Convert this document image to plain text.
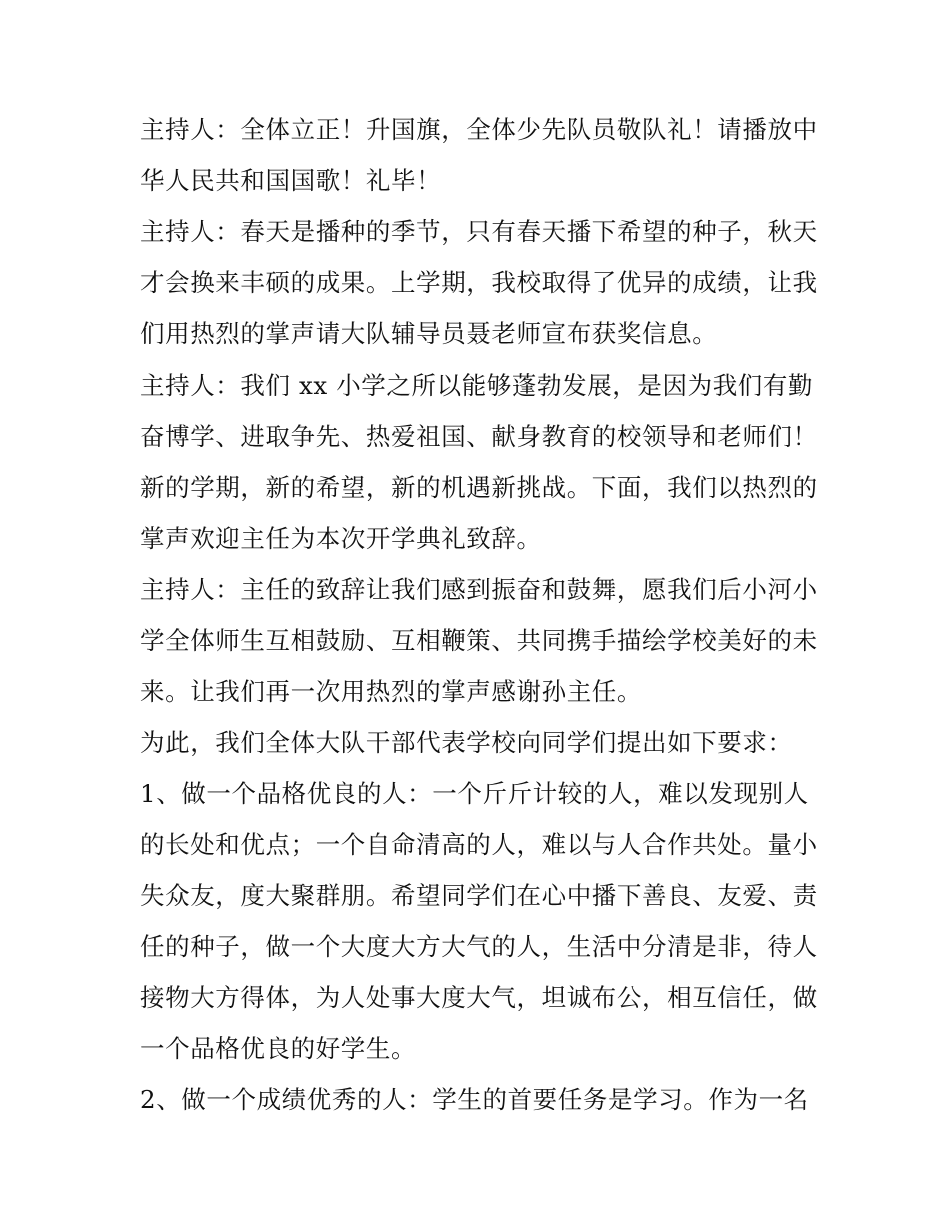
主持人：全体立正！升国旗，全体少先队员敬队礼！请播放中
华人民共和国国歌！礼毕！
主持人：春天是播种的季节，只有春天播下希望的种子，秋天
才会换来丰硕的成果。上学期，我校取得了优异的成绩，让我
们用热烈的掌声请大队辅导员聂老师宣布获奖信息。
主持人：我们 xx 小学之所以能够蓬勃发展，是因为我们有勤
奋博学、进取争先、热爱祖国、献身教育的校领导和老师们！
新的学期，新的希望，新的机遇新挑战。下面，我们以热烈的
掌声欢迎主任为本次开学典礼致辞。
主持人：主任的致辞让我们感到振奋和鼓舞，愿我们后小河小
学全体师生互相鼓励、互相鞭策、共同携手描绘学校美好的未
来。让我们再一次用热烈的掌声感谢孙主任。
为此，我们全体大队干部代表学校向同学们提出如下要求：
1、做一个品格优良的人：一个斤斤计较的人，难以发现别人
的长处和优点；一个自命清高的人，难以与人合作共处。量小
失众友，度大聚群朋。希望同学们在心中播下善良、友爱、责
任的种子，做一个大度大方大气的人，生活中分清是非，待人
接物大方得体，为人处事大度大气，坦诚布公，相互信任，做
一个品格优良的好学生。
2、做一个成绩优秀的人：学生的首要任务是学习。作为一名
